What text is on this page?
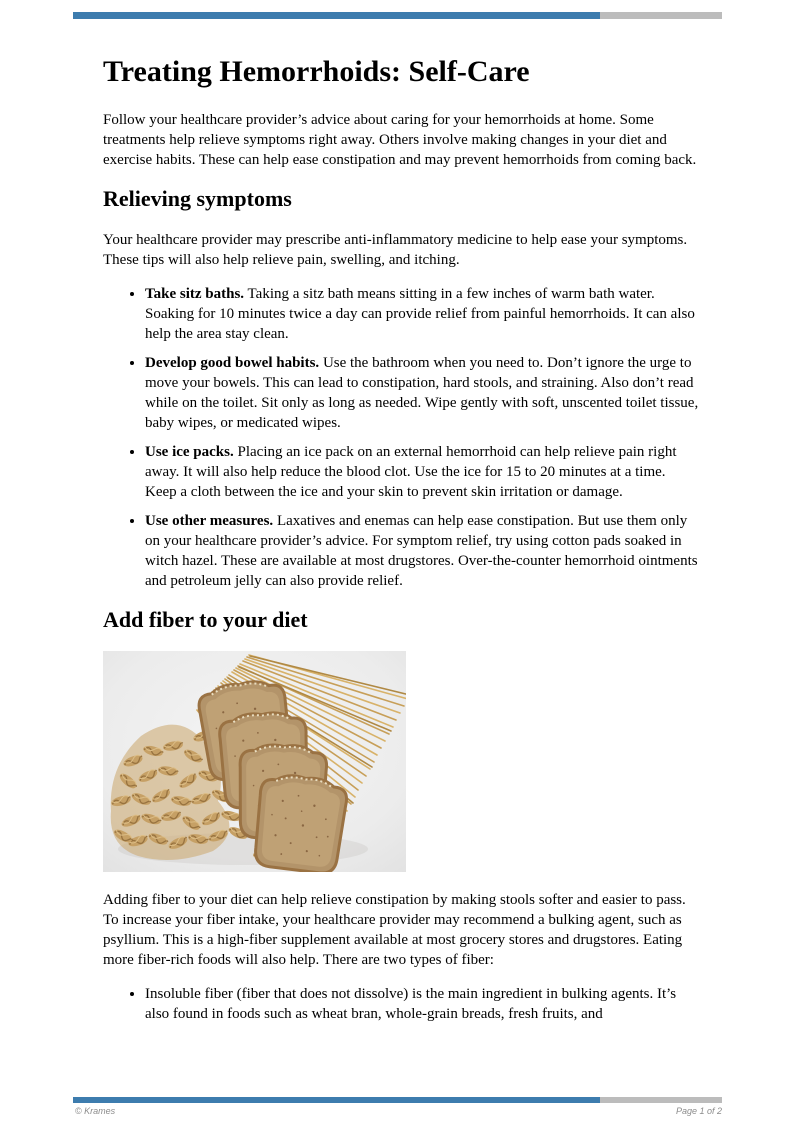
Treating Hemorrhoids: Self-Care

Follow your healthcare provider’s advice about caring for your hemorrhoids at home. Some treatments help relieve symptoms right away. Others involve making changes in your diet and exercise habits. These can help ease constipation and may prevent hemorrhoids from coming back.

Relieving symptoms

Your healthcare provider may prescribe anti-inflammatory medicine to help ease your symptoms. These tips will also help relieve pain, swelling, and itching.

• Take sitz baths. Taking a sitz bath means sitting in a few inches of warm bath water. Soaking for 10 minutes twice a day can provide relief from painful hemorrhoids. It can also help the area stay clean.
• Develop good bowel habits. Use the bathroom when you need to. Don’t ignore the urge to move your bowels. This can lead to constipation, hard stools, and straining. Also don’t read while on the toilet. Sit only as long as needed. Wipe gently with soft, unscented toilet tissue, baby wipes, or medicated wipes.
• Use ice packs. Placing an ice pack on an external hemorrhoid can help relieve pain right away. It will also help reduce the blood clot. Use the ice for 15 to 20 minutes at a time. Keep a cloth between the ice and your skin to prevent skin irritation or damage.
• Use other measures. Laxatives and enemas can help ease constipation. But use them only on your healthcare provider’s advice. For symptom relief, try using cotton pads soaked in witch hazel. These are available at most drugstores. Over-the-counter hemorrhoid ointments and petroleum jelly can also provide relief.
Add fiber to your diet

Adding fiber to your diet can help relieve constipation by making stools softer and easier to pass. To increase your fiber intake, your healthcare provider may recommend a bulking agent, such as psyllium. This is a high-fiber supplement available at most grocery stores and drugstores. Eating more fiber-rich foods will also help. There are two types of fiber:

• Insoluble fiber (fiber that does not dissolve) is the main ingredient in bulking agents. It’s also found in foods such as wheat bran, whole-grain breads, fresh fruits, and
© Krames	Page 1 of 2
